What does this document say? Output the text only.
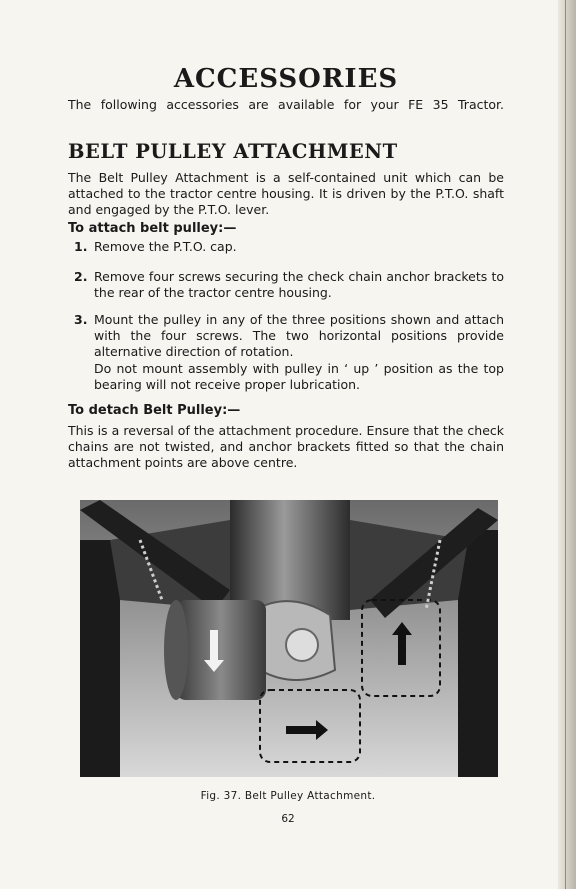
ACCESSORIES

The following accessories are available for your FE 35 Tractor.

BELT PULLEY ATTACHMENT

The Belt Pulley Attachment is a self-contained unit which can be attached to the tractor centre housing. It is driven by the P.T.O. shaft and engaged by the P.T.O. lever.

To attach belt pulley:—
1. Remove the P.T.O. cap.

2. Remove four screws securing the check chain anchor brackets to the rear of the tractor centre housing.

3. Mount the pulley in any of the three positions shown and attach with the four screws. The two horizontal positions provide alternative direction of rotation.

Do not mount assembly with pulley in ‘ up ’ position as the top bearing will not receive proper lubrication.

To detach Belt Pulley:—

This is a reversal of the attachment procedure. Ensure that the check chains are not twisted, and anchor brackets fitted so that the chain attachment points are above centre.

Fig. 37. Belt Pulley Attachment.
62
